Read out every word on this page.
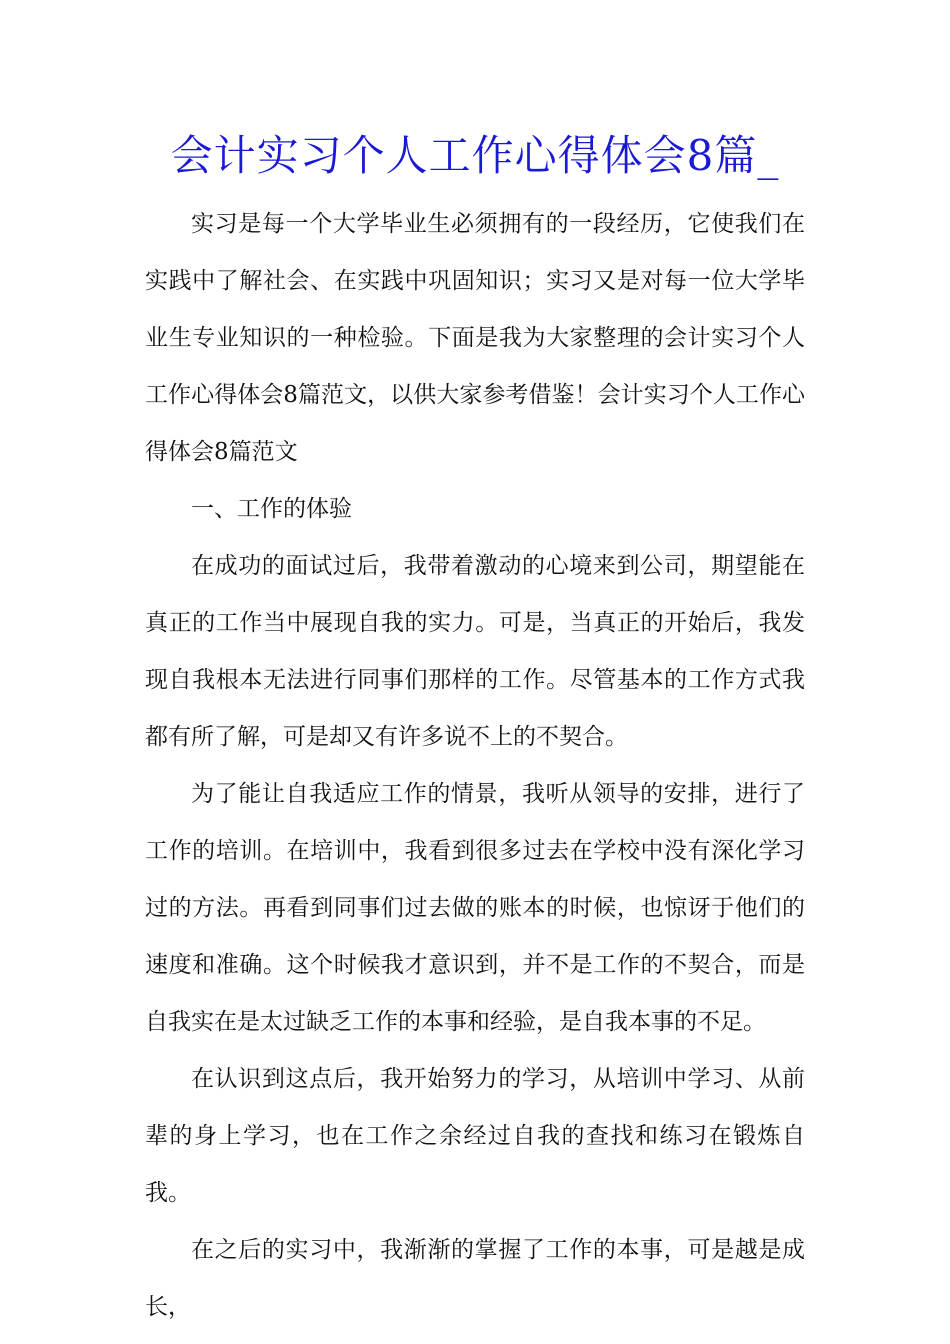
会计实习个人工作心得体会8篇_

实习是每一个大学毕业生必须拥有的一段经历，它使我们在实践中了解社会、在实践中巩固知识；实习又是对每一位大学毕业生专业知识的一种检验。下面是我为大家整理的会计实习个人工作心得体会8篇范文，以供大家参考借鉴！会计实习个人工作心得体会8篇范文

一、工作的体验

在成功的面试过后，我带着激动的心境来到公司，期望能在真正的工作当中展现自我的实力。可是，当真正的开始后，我发现自我根本无法进行同事们那样的工作。尽管基本的工作方式我都有所了解，可是却又有许多说不上的不契合。

为了能让自我适应工作的情景，我听从领导的安排，进行了工作的培训。在培训中，我看到很多过去在学校中没有深化学习过的方法。再看到同事们过去做的账本的时候，也惊讶于他们的速度和准确。这个时候我才意识到，并不是工作的不契合，而是自我实在是太过缺乏工作的本事和经验，是自我本事的不足。

在认识到这点后，我开始努力的学习，从培训中学习、从前辈的身上学习，也在工作之余经过自我的查找和练习在锻炼自我。

在之后的实习中，我渐渐的掌握了工作的本事，可是越是成长，
